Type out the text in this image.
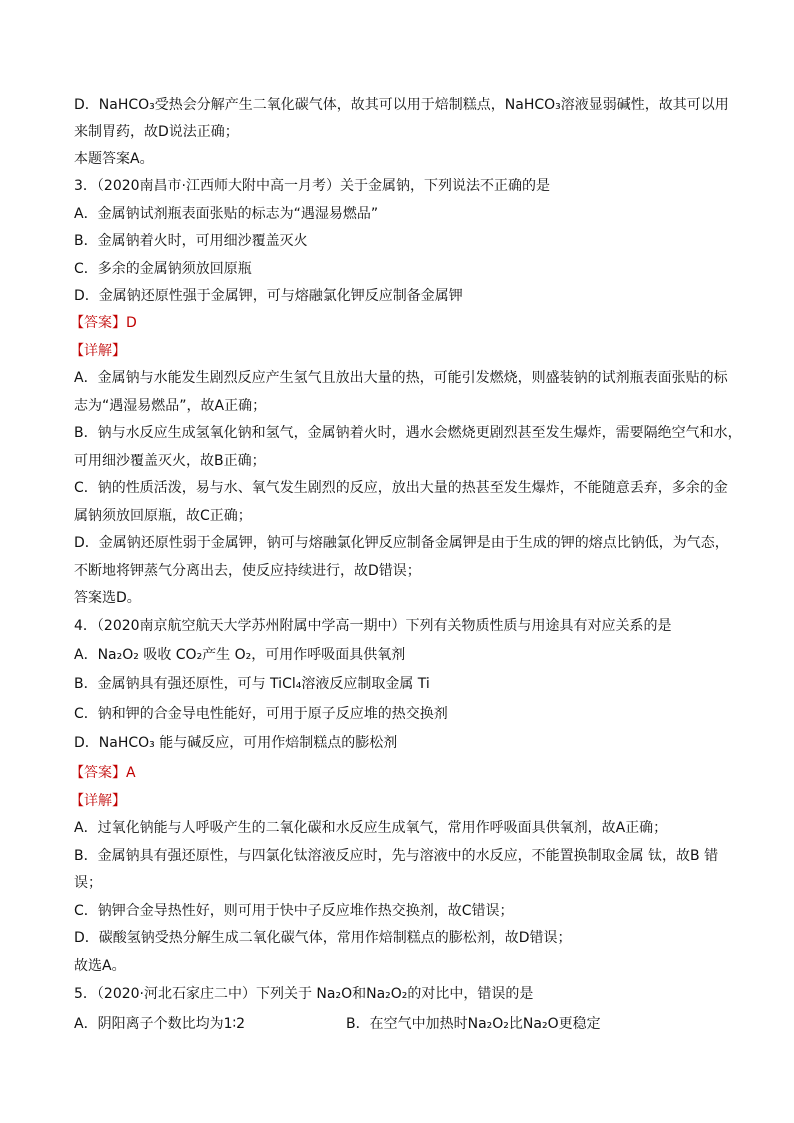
D．NaHCO₃受热会分解产生二氧化碳气体，故其可以用于焙制糕点，NaHCO₃溶液显弱碱性，故其可以用
来制胃药，故D说法正确；
本题答案A。
3．（2020南昌市·江西师大附中高一月考）关于金属钠，下列说法不正确的是
A．金属钠试剂瓶表面张贴的标志为“遇湿易燃品”
B．金属钠着火时，可用细沙覆盖灭火
C．多余的金属钠须放回原瓶
D．金属钠还原性强于金属钾，可与熔融氯化钾反应制备金属钾
【答案】D
【详解】
A．金属钠与水能发生剧烈反应产生氢气且放出大量的热，可能引发燃烧，则盛装钠的试剂瓶表面张贴的标
志为“遇湿易燃品”，故A正确；
B．钠与水反应生成氢氧化钠和氢气，金属钠着火时，遇水会燃烧更剧烈甚至发生爆炸，需要隔绝空气和水，
可用细沙覆盖灭火，故B正确；
C．钠的性质活泼，易与水、氧气发生剧烈的反应，放出大量的热甚至发生爆炸，不能随意丢弃，多余的金
属钠须放回原瓶，故C正确；
D．金属钠还原性弱于金属钾，钠可与熔融氯化钾反应制备金属钾是由于生成的钾的熔点比钠低，为气态，
不断地将钾蒸气分离出去，使反应持续进行，故D错误；
答案选D。
4．（2020南京航空航天大学苏州附属中学高一期中）下列有关物质性质与用途具有对应关系的是
A．Na₂O₂ 吸收 CO₂产生 O₂，可用作呼吸面具供氧剂
B．金属钠具有强还原性，可与 TiCl₄溶液反应制取金属 Ti
C．钠和钾的合金导电性能好，可用于原子反应堆的热交换剂
D．NaHCO₃ 能与碱反应，可用作焙制糕点的膨松剂
【答案】A
【详解】
A．过氧化钠能与人呼吸产生的二氧化碳和水反应生成氧气，常用作呼吸面具供氧剂，故A正确；
B．金属钠具有强还原性，与四氯化钛溶液反应时，先与溶液中的水反应，不能置换制取金属 钛，故B 错
误；
C．钠钾合金导热性好，则可用于快中子反应堆作热交换剂，故C错误；
D．碳酸氢钠受热分解生成二氧化碳气体，常用作焙制糕点的膨松剂，故D错误；
故选A。
5．（2020·河北石家庄二中）下列关于 Na₂O和Na₂O₂的对比中，错误的是
A．阴阳离子个数比均为1∶2	B．在空气中加热时Na₂O₂比Na₂O更稳定
